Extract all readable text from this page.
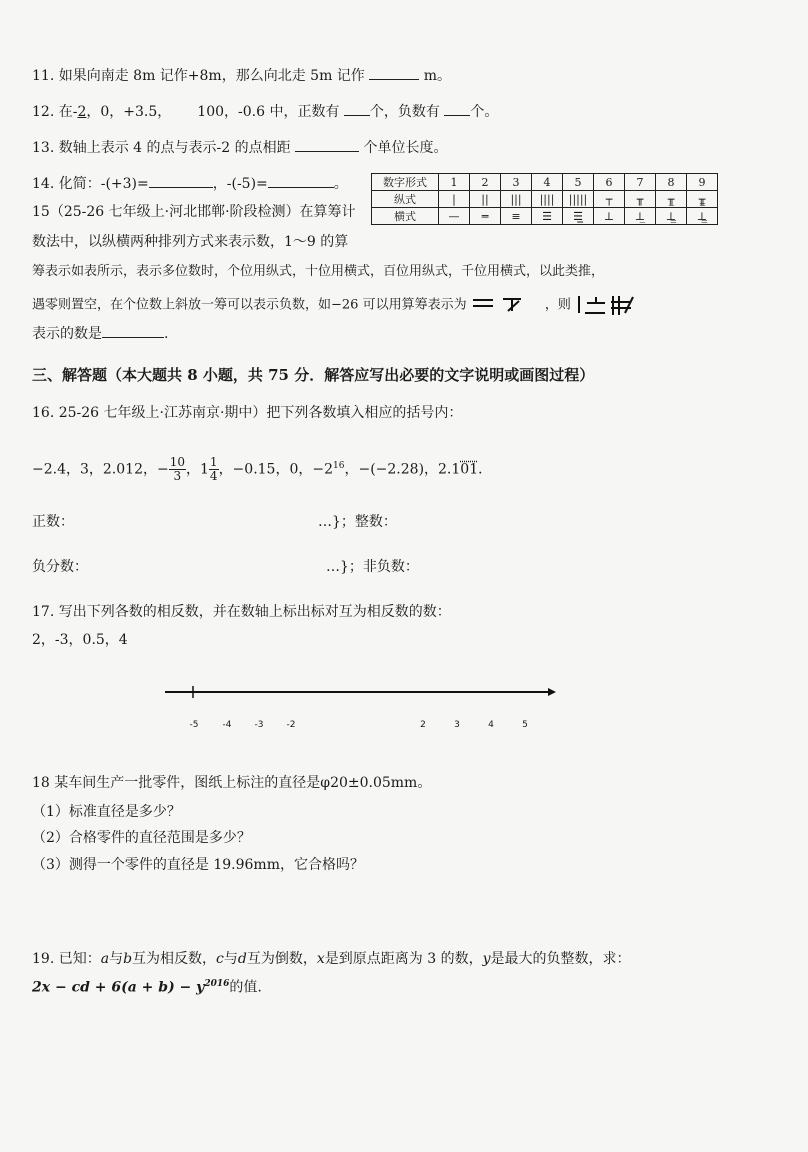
11. 如果向南走 8m 记作+8m，那么向北走 5m 记作	m。
12. 在-2，0，+3.5， 100，-0.6 中，正数有 个，负数有 个。
13. 数轴上表示 4 的点与表示-2 的点相距	个单位长度。
14. 化简：-(+3)=	，-(-5)=	。	数字形式	1	2	3	4	5	6	7	8	9
纵式	|	||	|||	||||	|||||	┬	╥	╥̲	╥̳
横式	—	═	≡	☰	☰̲	⊥	⊥̲	⊥̳	⊥̳̲
15（25-26 七年级上·河北邯郸·阶段检测）在算筹计
数法中，以纵横两种排列方式来表示数，1～9 的算
筹表示如表所示，表示多位数时，个位用纵式，十位用横式，百位用纵式，千位用横式，以此类推，
遇零则置空，在个位数上斜放一筹可以表示负数，如−26 可以用算筹表示为	，则
表示的数是	.
三、解答题（本大题共 8 小题，共 75 分．解答应写出必要的文字说明或画图过程）
16. 25-26 七年级上·江苏南京·期中）把下列各数填入相应的括号内：
−2.4，3，2.012，− $\frac{10}{3}$ ，$1 \frac{1}{4}$ ，−0.15，0，$-2^{16}$，−(−2.28)，2.101．
正数：	…}；整数：
负分数：	…}；非负数：
17. 写出下列各数的相反数，并在数轴上标出标对互为相反数的数：
2，-3，0.5，4
-5	-4	-3	-2	2	3	4	5
18 某车间生产一批零件，图纸上标注的直径是φ20±0.05mm。
（1）标准直径是多少？
（2）合格零件的直径范围是多少？
（3）测得一个零件的直径是 19.96mm，它合格吗？
19. 已知：a与b互为相反数，c与d互为倒数，x是到原点距离为 3 的数，y是最大的负整数，求：
2x − cd + $6(a + b) - y^{2016}$的值.
